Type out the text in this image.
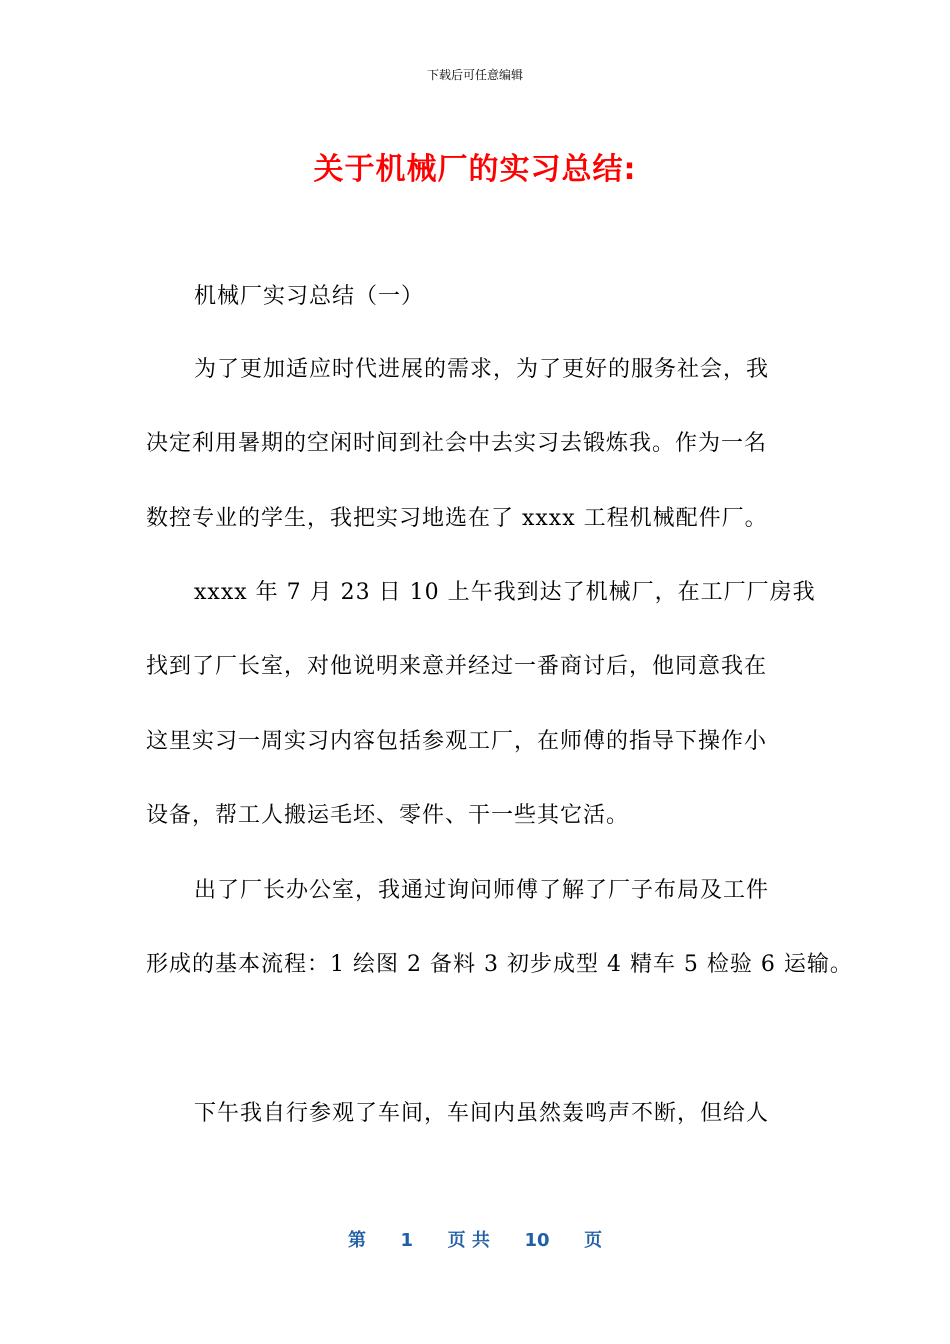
下载后可任意编辑
关于机械厂的实习总结:
机械厂实习总结（一）
为了更加适应时代进展的需求，为了更好的服务社会，我
决定利用暑期的空闲时间到社会中去实习去锻炼我。作为一名
数控专业的学生，我把实习地选在了 xxxx 工程机械配件厂。
xxxx 年 7 月 23 日 10 上午我到达了机械厂，在工厂厂房我
找到了厂长室，对他说明来意并经过一番商讨后，他同意我在
这里实习一周实习内容包括参观工厂，在师傅的指导下操作小
设备，帮工人搬运毛坯、零件、干一些其它活。
出了厂长办公室，我通过询问师傅了解了厂子布局及工件
形成的基本流程：1 绘图 2 备料 3 初步成型 4 精车 5 检验 6 运输。
下午我自行参观了车间，车间内虽然轰鸣声不断，但给人
第 1 页 共 10 页
